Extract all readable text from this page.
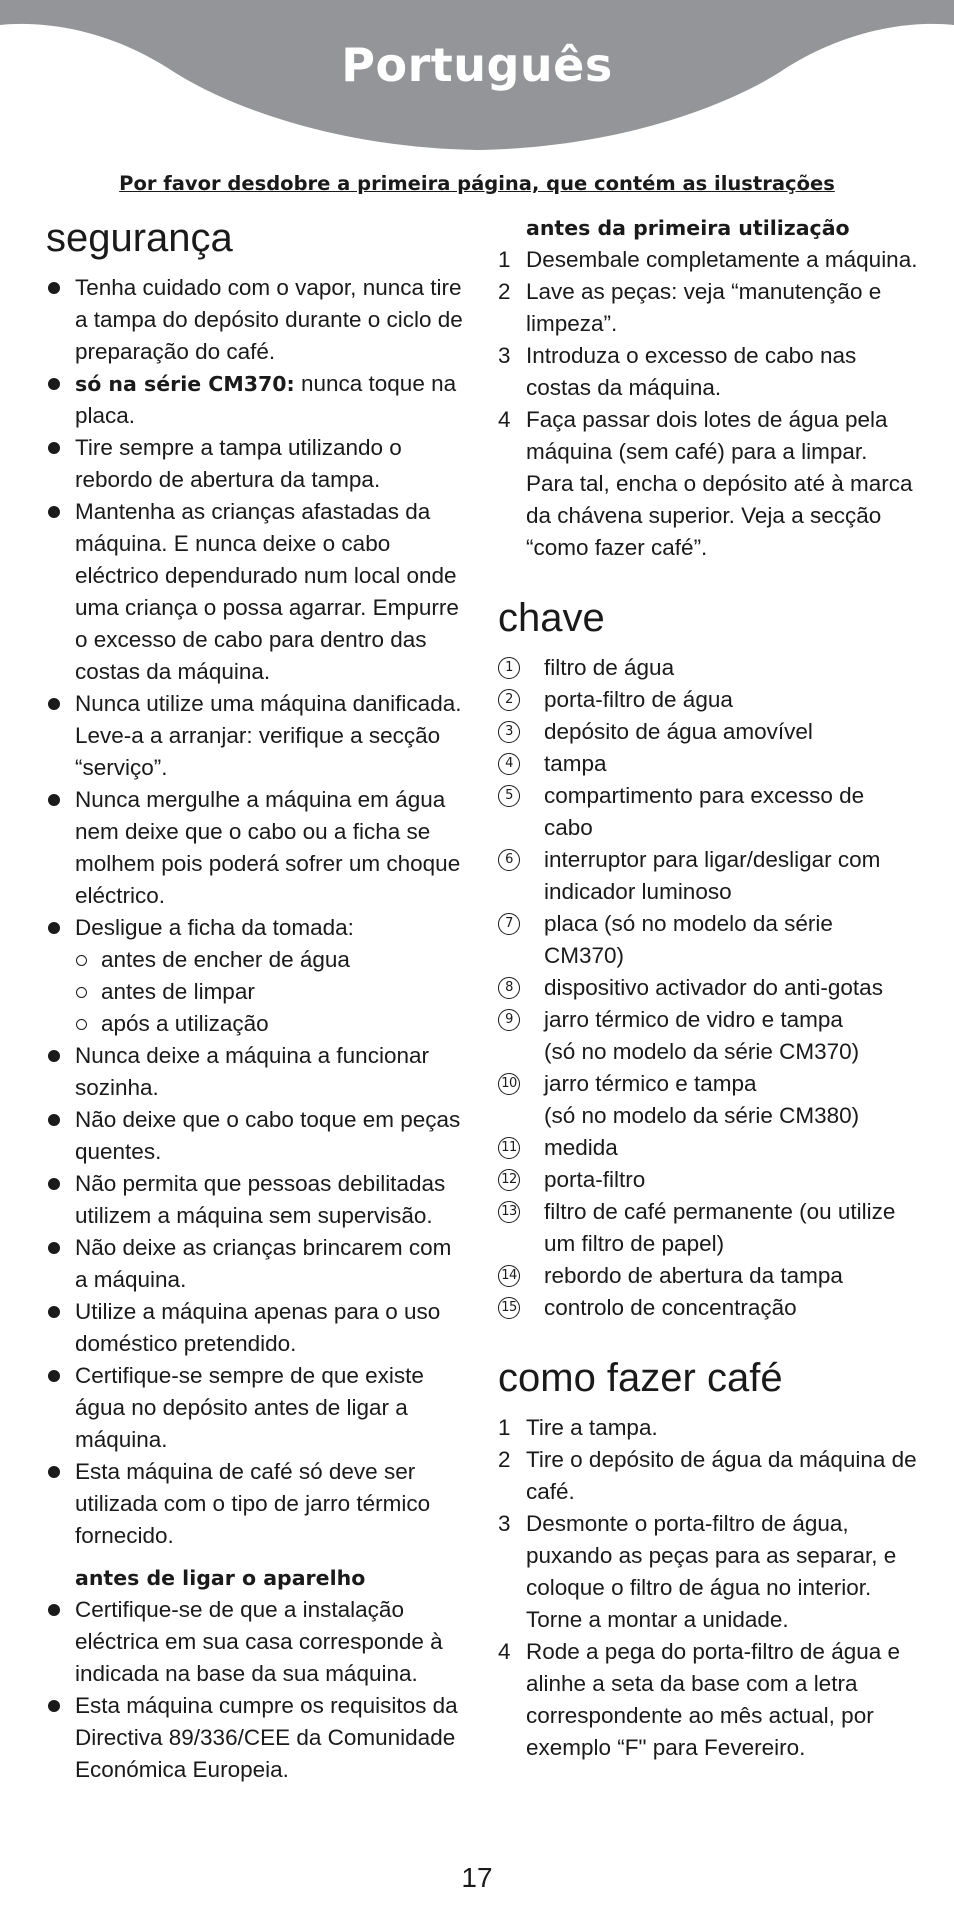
Português
Por favor desdobre a primeira página, que contém as ilustrações
segurança
Tenha cuidado com o vapor, nunca tire a tampa do depósito durante o ciclo de preparação do café.
só na série CM370: nunca toque na placa.
Tire sempre a tampa utilizando o rebordo de abertura da tampa.
Mantenha as crianças afastadas da máquina. E nunca deixe o cabo eléctrico dependurado num local onde uma criança o possa agarrar. Empurre o excesso de cabo para dentro das costas da máquina.
Nunca utilize uma máquina danificada. Leve-a a arranjar: verifique a secção “serviço”.
Nunca mergulhe a máquina em água nem deixe que o cabo ou a ficha se molhem pois poderá sofrer um choque eléctrico.
Desligue a ficha da tomada:
antes de encher de água
antes de limpar
após a utilização
Nunca deixe a máquina a funcionar sozinha.
Não deixe que o cabo toque em peças quentes.
Não permita que pessoas debilitadas utilizem a máquina sem supervisão.
Não deixe as crianças brincarem com a máquina.
Utilize a máquina apenas para o uso doméstico pretendido.
Certifique-se sempre de que existe água no depósito antes de ligar a máquina.
Esta máquina de café só deve ser utilizada com o tipo de jarro térmico fornecido.
antes de ligar o aparelho
Certifique-se de que a instalação eléctrica em sua casa corresponde à indicada na base da sua máquina.
Esta máquina cumpre os requisitos da Directiva 89/336/CEE da Comunidade Económica Europeia.
antes da primeira utilização
1 Desembale completamente a máquina.
2 Lave as peças: veja “manutenção e limpeza”.
3 Introduza o excesso de cabo nas costas da máquina.
4 Faça passar dois lotes de água pela máquina (sem café) para a limpar. Para tal, encha o depósito até à marca da chávena superior. Veja a secção “como fazer café”.
chave
1	filtro de água
2	porta-filtro de água
3	depósito de água amovível
4	tampa
5	compartimento para excesso de cabo
6	interruptor para ligar/desligar com indicador luminoso
7	placa (só no modelo da série CM370)
8	dispositivo activador do anti-gotas
9	jarro térmico de vidro e tampa
(só no modelo da série CM370)
10 jarro térmico e tampa
(só no modelo da série CM380)
11 medida
12 porta-filtro
13 filtro de café permanente (ou utilize um filtro de papel)
14 rebordo de abertura da tampa
15 controlo de concentração
como fazer café
1 Tire a tampa.
2 Tire o depósito de água da máquina de café.
3 Desmonte o porta-filtro de água, puxando as peças para as separar, e coloque o filtro de água no interior. Torne a montar a unidade.
4 Rode a pega do porta-filtro de água e alinhe a seta da base com a letra correspondente ao mês actual, por exemplo “F" para Fevereiro.
17
